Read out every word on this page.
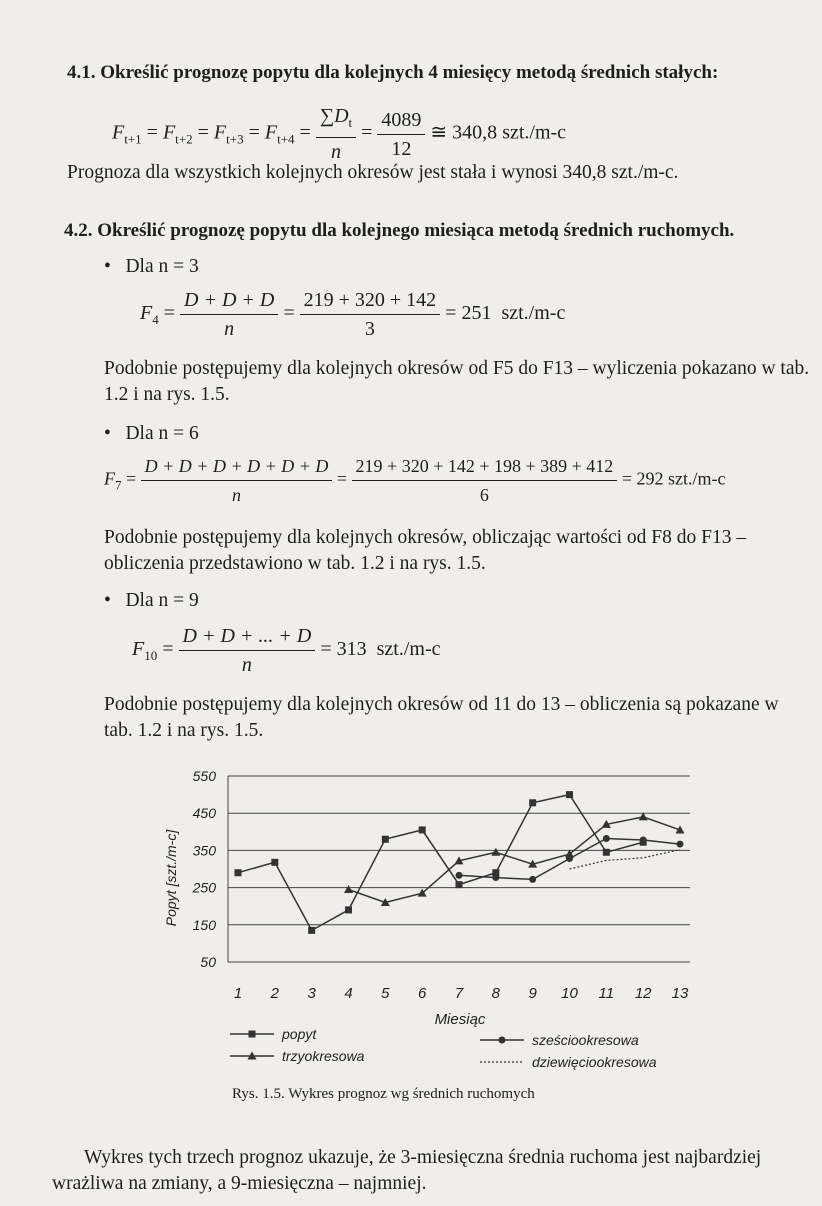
4.1. Określić prognozę popytu dla kolejnych 4 miesięcy metodą średnich stałych:
$F_{t+1} = F_{t+2} = F_{t+3} = F_{t+4} = \frac{\sum D_t}{n} = \frac{4089}{12}$ ≅ 340,8 szt./m-c
Prognoza dla wszystkich kolejnych okresów jest stała i wynosi 340,8 szt./m-c.
4.2. Określić prognozę popytu dla kolejnego miesiąca metodą średnich ruchomych.
•   Dla n = 3
$F_4 = \frac{D + D + D}{n} = \frac{219 + 320 + 142}{3} = 251$ szt./m-c
Podobnie postępujemy dla kolejnych okresów od F5 do F13 – wyliczenia pokazano w tab. 1.2 i na rys. 1.5.
•   Dla n = 6
$F_7 = \frac{D + D + D + D + D + D}{n} = \frac{219 + 320 + 142 + 198 + 389 + 412}{6} = 292$ szt./m-c
Podobnie postępujemy dla kolejnych okresów, obliczając wartości od F8 do F13 – obliczenia przedstawiono w tab. 1.2 i na rys. 1.5.
•   Dla n = 9
$F_{10} = \frac{D + D + ... + D}{n} = 313$ szt./m-c
Podobnie postępujemy dla kolejnych okresów od 11 do 13 – obliczenia są pokazane w tab. 1.2 i na rys. 1.5.
50
150
250
350
450
550
1 2 3 4 5 6 7 8 9 10 11 12 13
Popyt [szt./m-c]
Miesiąc
popyt
trzyokresowa
sześciookresowa
dziewięciookresowa
Rys. 1.5. Wykres prognoz wg średnich ruchomych
Wykres tych trzech prognoz ukazuje, że 3-miesięczna średnia ruchoma jest najbardziej wrażliwa na zmiany, a 9-miesięczna – najmniej.
